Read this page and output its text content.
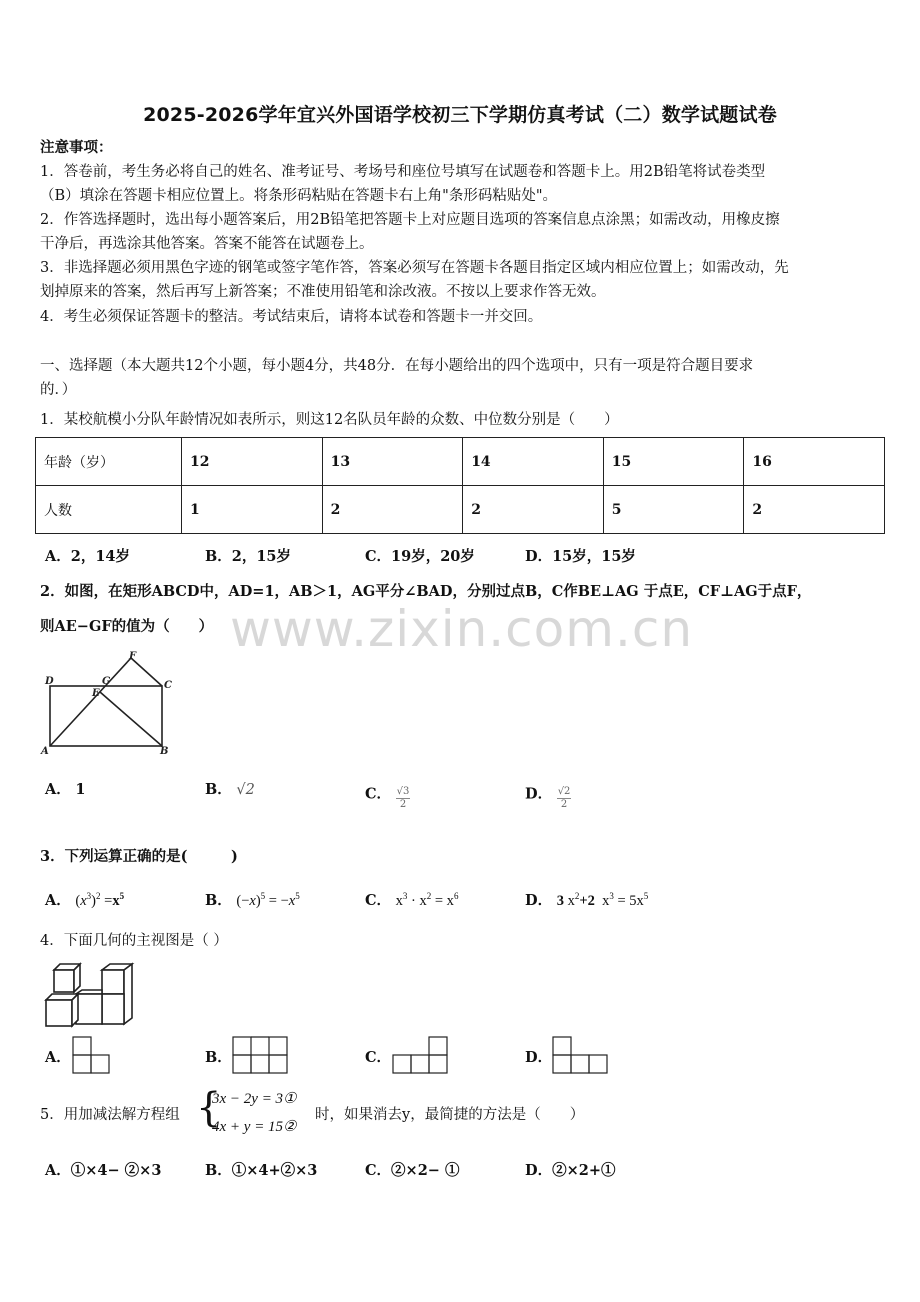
2025-2026学年宜兴外国语学校初三下学期仿真考试（二）数学试题试卷
注意事项：
1．答卷前，考生务必将自己的姓名、准考证号、考场号和座位号填写在试题卷和答题卡上。用2B铅笔将试卷类型
（B）填涂在答题卡相应位置上。将条形码粘贴在答题卡右上角"条形码粘贴处"。
2．作答选择题时，选出每小题答案后，用2B铅笔把答题卡上对应题目选项的答案信息点涂黑；如需改动，用橡皮擦
干净后，再选涂其他答案。答案不能答在试题卷上。
3．非选择题必须用黑色字迹的钢笔或签字笔作答，答案必须写在答题卡各题目指定区域内相应位置上；如需改动，先
划掉原来的答案，然后再写上新答案；不准使用铅笔和涂改液。不按以上要求作答无效。
4．考生必须保证答题卡的整洁。考试结束后，请将本试卷和答题卡一并交回。
一、选择题（本大题共12个小题，每小题4分，共48分．在每小题给出的四个选项中，只有一项是符合题目要求
的．）
1．某校航模小分队年龄情况如表所示，则这12名队员年龄的众数、中位数分别是（　　）
年龄（岁）	12	13	14	15	16
人数	1	2	2	5	2
A．2，14岁	B．2，15岁	C．19岁，20岁	D．15岁，15岁
www.zixin.com.cn
2．如图，在矩形ABCD中，AD=1，AB＞1，AG平分∠BAD，分别过点B，C作BE⊥AG 于点E，CF⊥AG于点F，
则AE−GF的值为（　　）
D	G
E
F
C
A	B
A． 1	B． √2	C． $\frac{√3}{2}$	D． $\frac{√2}{2}$
3．下列运算正确的是(　　　)
A． $(x^3)^2 =x^5$	B． $(-x)^5 = -x^5$	C． $x^3 \cdot x^2 = x^6$	D． 3 $x^2+2$  $x^3 = 5x^5$
4．下面几何的主视图是（ ）
A．	B．	C．	D．
5．用加减法解方程组 {
3x − 2y = 3①
4x + y = 15②
时，如果消去y，最简捷的方法是（　　）
A．①×4− ②×3	B．①×4+②×3	C．②×2− ①	D．②×2+①
